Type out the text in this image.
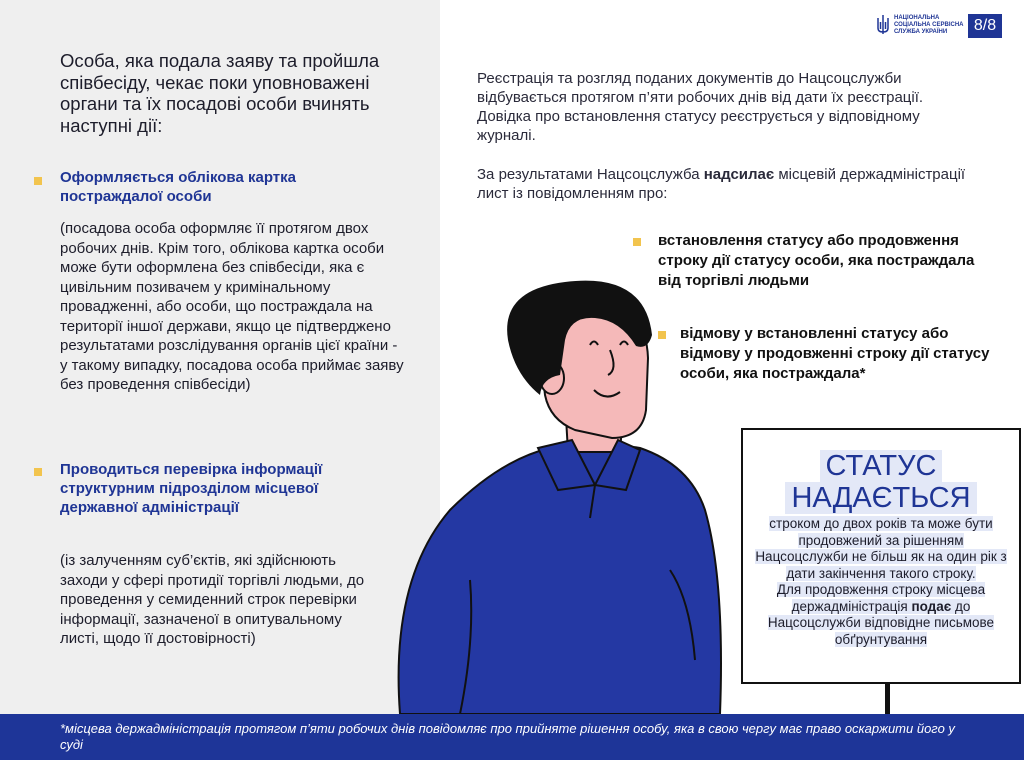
НАЦІОНАЛЬНА
СОЦІАЛЬНА СЕРВІСНА
СЛУЖБА УКРАЇНИ	8/8

Особа, яка подала заяву та пройшла співбесіду, чекає поки уповноважені органи та їх посадові особи вчинять наступні дії:

Оформляється облікова картка постраждалої особи

(посадова особа оформляє її протягом двох робочих днів. Крім того, облікова картка особи може бути оформлена без співбесіди, яка є цивільним позивачем у кримінальному провадженні, або особи, що постраждала на території іншої держави, якщо це підтверджено результатами розслідування органів цієї країни - у такому випадку, посадова особа приймає заяву без проведення співбесіди)

Проводиться перевірка інформації структурним підрозділом місцевої державної адміністрації

(із залученням суб’єктів, які здійснюють заходи у сфері протидії торгівлі людьми, до проведення у семиденний строк перевірки інформації, зазначеної в опитувальному листі, щодо її достовірності)

Реєстрація та розгляд поданих документів до Нацсоцслужби відбувається протягом п’яти робочих днів від дати їх реєстрації. Довідка про встановлення статусу реєструється у відповідному журналі.

За результатами Нацсоцслужба надсилає місцевій держадміністрації лист із повідомленням про:

встановлення статусу або продовження строку дії статусу особи, яка постраждала від торгівлі людьми

відмову у встановленні статусу або відмову у продовженні строку дії статусу особи, яка постраждала*

СТАТУС
НАДАЄТЬСЯ
строком до двох років та може бути продовжений за рішенням Нацсоцслужби не більш як на один рік з дати закінчення такого строку.
Для продовження строку місцева держадміністрація подає до Нацсоцслужби відповідне письмове обґрунтування
*місцева держадміністрація протягом п’яти робочих днів повідомляє про прийняте рішення особу, яка в свою чергу має право оскаржити його у суді
